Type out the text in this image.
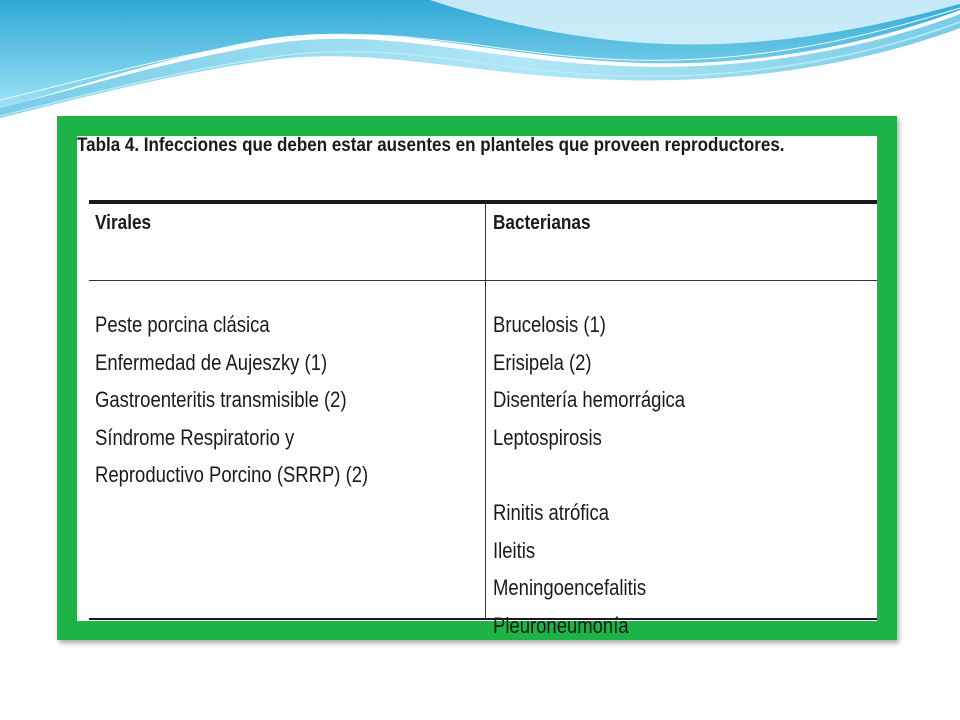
Tabla 4. Infecciones que deben estar ausentes en planteles que proveen reproductores.
Virales	Bacterianas
Peste porcina clásica
Enfermedad de Aujeszky (1)
Gastroenteritis transmisible (2)
Síndrome Respiratorio y
Reproductivo Porcino (SRRP) (2)
Brucelosis (1)
Erisipela (2)
Disentería hemorrágica
Leptospirosis
Rinitis atrófica
Ileitis
Meningoencefalitis
Pleuroneumonía
